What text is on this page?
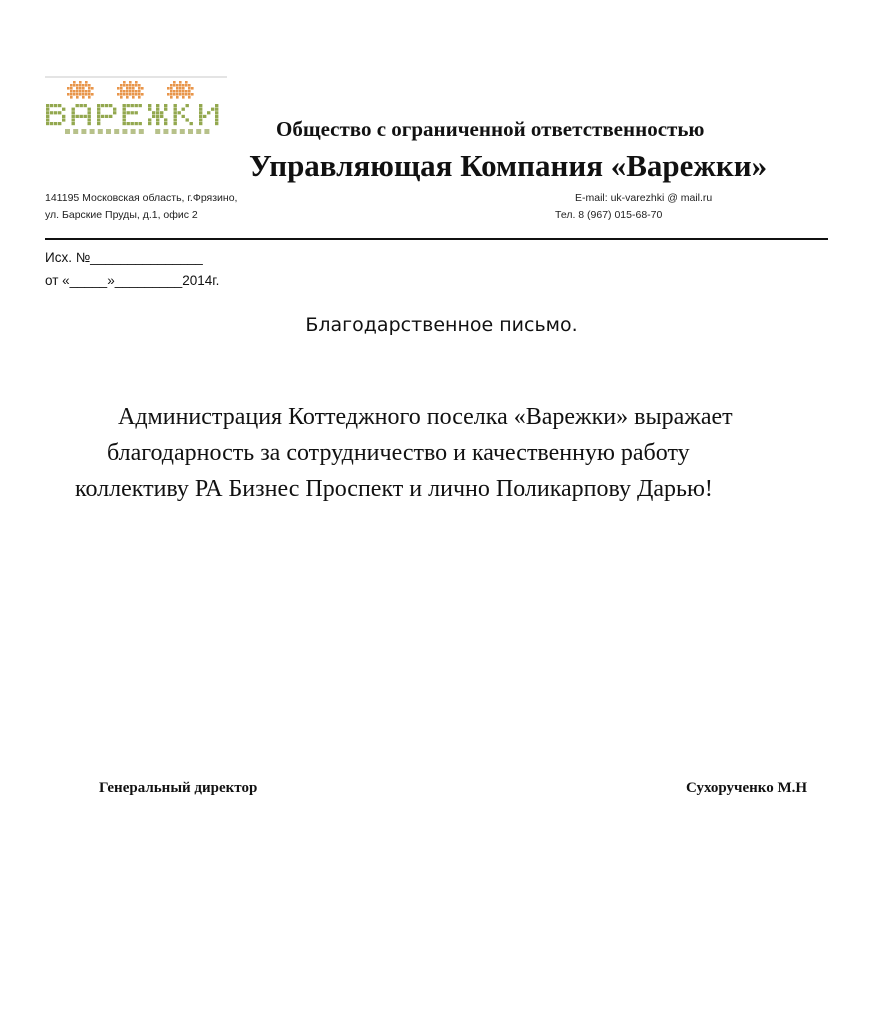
Общество с ограниченной ответственностью
Управляющая Компания «Варежки»
141195 Московская область, г.Фрязино,
ул. Барские Пруды, д.1, офис 2
E-mail: uk-varezhki @ mail.ru
Тел. 8 (967) 015-68-70
Исх. №_______________
от «_____»_________2014г.
Благодарственное письмо.
Администрация Коттеджного поселка «Варежки» выражает
благодарность за сотрудничество и качественную работу
коллективу РА Бизнес Проспект и лично Поликарпову Дарью!
Генеральный директор	Сухорученко М.Н
